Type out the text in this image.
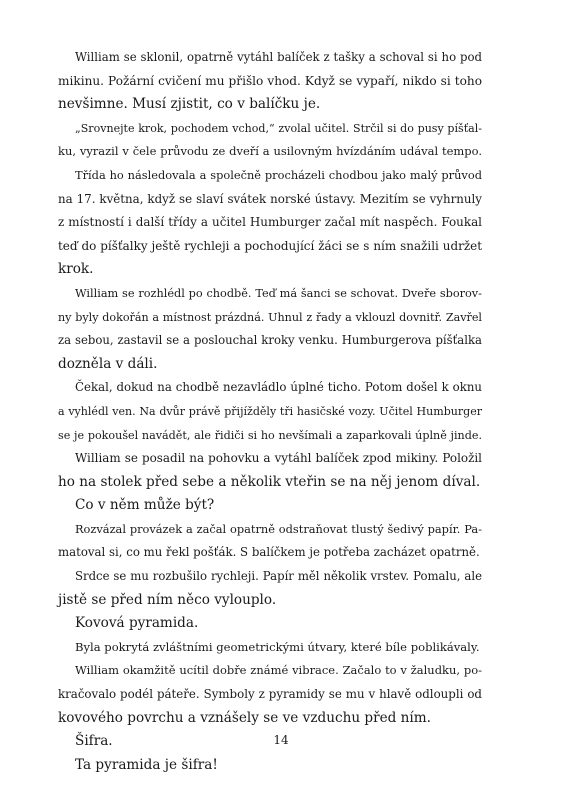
William se sklonil, opatrně vytáhl balíček z tašky a schoval si ho pod
mikinu. Požární cvičení mu přišlo vhod. Když se vypaří, nikdo si toho
nevšimne. Musí zjistit, co v balíčku je.
„Srovnejte krok, pochodem vchod,“ zvolal učitel. Strčil si do pusy píšťal-
ku, vyrazil v čele průvodu ze dveří a usilovným hvízdáním udával tempo.
Třída ho následovala a společně procházeli chodbou jako malý průvod
na 17. května, když se slaví svátek norské ústavy. Mezitím se vyhrnuly
z místností i další třídy a učitel Humburger začal mít naspěch. Foukal
teď do píšťalky ještě rychleji a pochodující žáci se s ním snažili udržet
krok.
William se rozhlédl po chodbě. Teď má šanci se schovat. Dveře sborov-
ny byly dokořán a místnost prázdná. Uhnul z řady a vklouzl dovnitř. Zavřel
za sebou, zastavil se a poslouchal kroky venku. Humburgerova píšťalka
dozněla v dáli.
Čekal, dokud na chodbě nezavládlo úplné ticho. Potom došel k oknu
a vyhlédl ven. Na dvůr právě přijížděly tři hasičské vozy. Učitel Humburger
se je pokoušel navádět, ale řidiči si ho nevšímali a zaparkovali úplně jinde.
William se posadil na pohovku a vytáhl balíček zpod mikiny. Položil
ho na stolek před sebe a několik vteřin se na něj jenom díval.
Co v něm může být?
Rozvázal provázek a začal opatrně odstraňovat tlustý šedivý papír. Pa-
matoval si, co mu řekl pošťák. S balíčkem je potřeba zacházet opatrně.
Srdce se mu rozbušilo rychleji. Papír měl několik vrstev. Pomalu, ale
jistě se před ním něco vylouplo.
Kovová pyramida.
Byla pokrytá zvláštními geometrickými útvary, které bíle poblikávaly.
William okamžitě ucítil dobře známé vibrace. Začalo to v žaludku, po-
kračovalo podél páteře. Symboly z pyramidy se mu v hlavě odloupli od
kovového povrchu a vznášely se ve vzduchu před ním.
Šifra.
Ta pyramida je šifra!
14
